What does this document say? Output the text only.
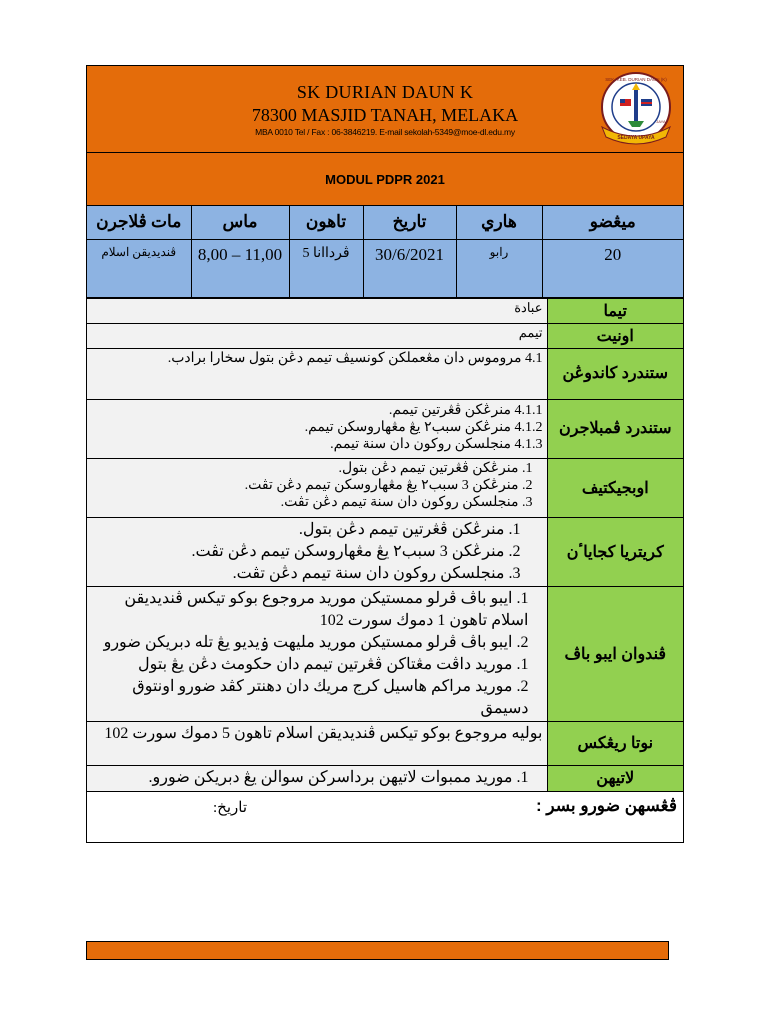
SK DURIAN DAUN K
78300 MASJID TANAH, MELAKA
MBA 0010 Tel / Fax : 06-3846219. E-mail sekolah-5349@moe-dl.edu.my
SEK. KEB. DURIAN DAUN (K)
SEDAYA UPAYA
JAYA
MODUL PDPR 2021
مات ڤلاجرن	ماس	تاهون	تاريخ	هاري	ميڠضو
ڤنديديقن اسلام	8,00 – 11,00	ڤرداانا 5	30/6/2021	رابو	20
عبادة	تيما
تيمم	اونيت
4.1 مروموس دان مڠعملكن كونسيڤ تيمم دڠن بتول سخارا برادب.	ستندرد كاندوڠن

4.1.1 منرڠكن ڤڠرتين تيمم.
4.1.2 منرڠكن سبب٢ يڠ مڠهاروسكن تيمم.
4.1.3 منجلسكن روكون دان سنة تيمم.	ستندرد ڤمبلاجرن

1. منرڠكن ڤڠرتين تيمم دڠن بتول.
2. منرڠكن 3 سبب٢ يڠ مڠهاروسكن تيمم دڠن تڤت.
3. منجلسكن روكون دان سنة تيمم دڠن تڤت.	اوبجيكتيف

1. منرڠكن ڤڠرتين تيمم دڠن بتول.
2. منرڠكن 3 سبب٢ يڠ مڠهاروسكن تيمم دڠن تڤت.
3. منجلسكن روكون دان سنة تيمم دڠن تڤت.	كريتريا كجاياٴن

1. ايبو باڤ ڤرلو ممستيكن موريد مروجوع بوكو تيكس ڤنديديقن اسلام تاهون 1 دموك سورت 102
2. ايبو باڤ ڤرلو ممستيكن موريد مليهت ۏيديو يڠ تله دبريكن ضورو
1. موريد داڤت مڠتاكن ڤڠرتين تيمم دان حكومث دڠن يڠ بتول
2. موريد مراكم هاسيل كرج مريك دان دهنتر كڤد ضورو اونتوق دسيمق	ڤندوان ايبو باڤ
بوليه مروجوع بوكو تيكس ڤنديديقن اسلام تاهون 5 دموك سورت 102	نوتا ريڠكس
1. موريد ممبوات لاتيهن برداسركن سوالن يڠ دبريكن ضورو.	لاتيهن

ڤڠسهن ضورو بسر :
تاريخ:	
